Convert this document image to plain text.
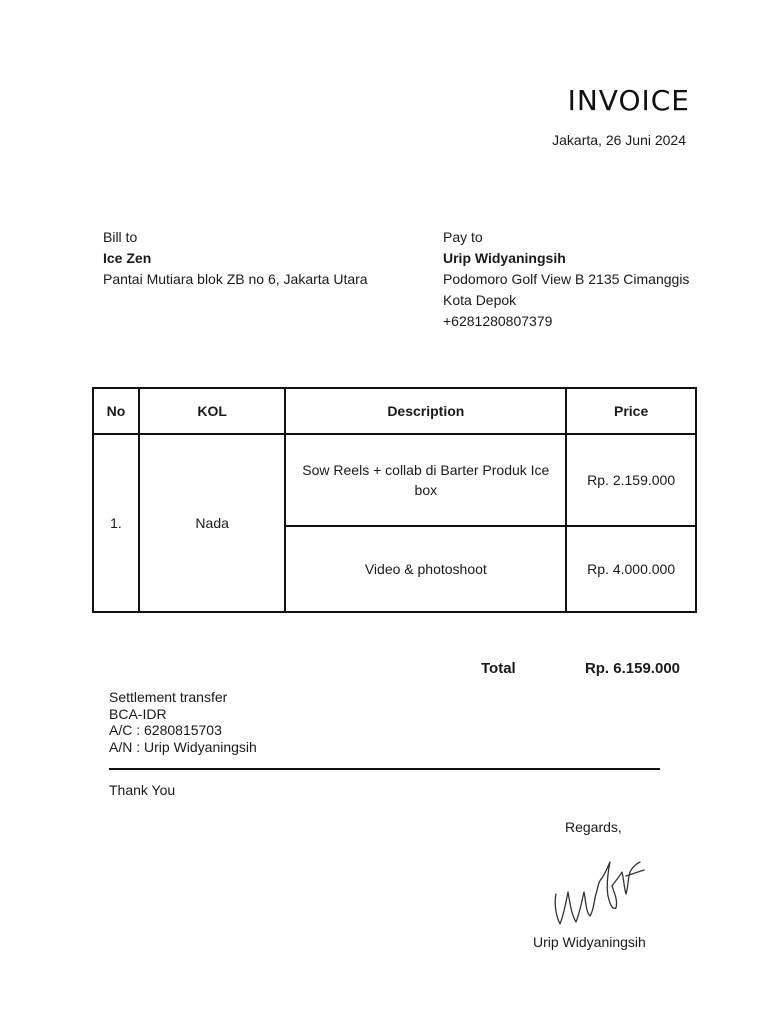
INVOICE
Jakarta, 26 Juni 2024
Bill to
Ice Zen
Pantai Mutiara blok ZB no 6, Jakarta Utara
Pay to
Urip Widyaningsih
Podomoro Golf View B 2135 Cimanggis
Kota Depok
+6281280807379
No	KOL	Description	Price
1.	Nada	Sow Reels + collab di Barter Produk Ice box	Rp. 2.159.000
		Video & photoshoot	Rp. 4.000.000
Total	Rp. 6.159.000
Settlement transfer
BCA-IDR
A/C : 6280815703
A/N : Urip Widyaningsih
Thank You
Regards,
Urip Widyaningsih
